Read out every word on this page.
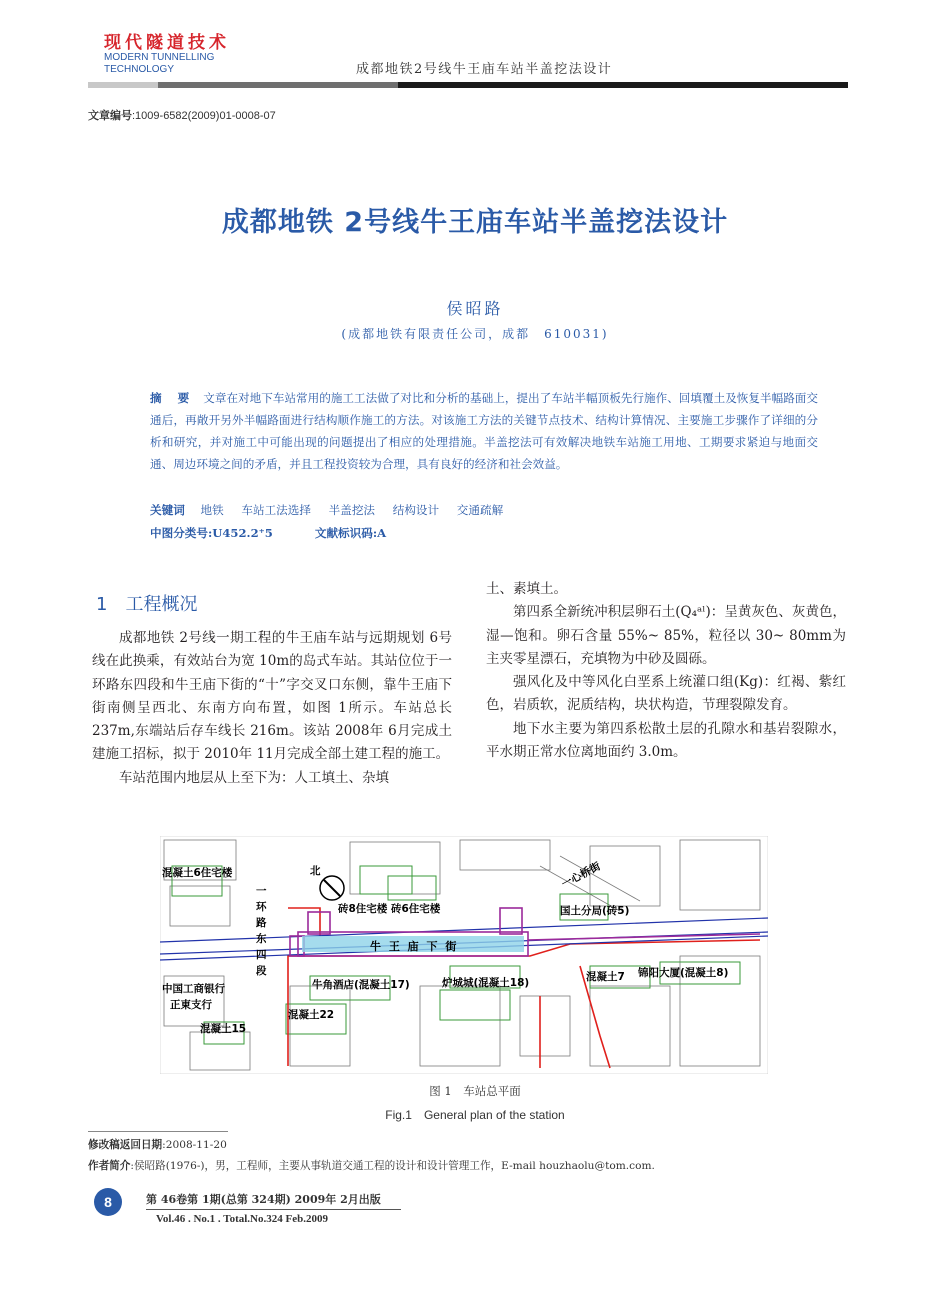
现代隧道技术
MODERN TUNNELLING
TECHNOLOGY	成都地铁2号线牛王庙车站半盖挖法设计
文章编号:1009-6582(2009)01-0008-07
成都地铁 2号线牛王庙车站半盖挖法设计
侯昭路
(成都地铁有限责任公司，成都　610031)
摘 要 文章在对地下车站常用的施工工法做了对比和分析的基础上，提出了车站半幅顶板先行施作、回填覆土及恢复半幅路面交通后，再敞开另外半幅路面进行结构顺作施工的方法。对该施工方法的关键节点技术、结构计算情况、主要施工步骤作了详细的分析和研究，并对施工中可能出现的问题提出了相应的处理措施。半盖挖法可有效解决地铁车站施工用地、工期要求紧迫与地面交通、周边环境之间的矛盾，并且工程投资较为合理，具有良好的经济和社会效益。
关键词 地铁 车站工法选择 半盖挖法 结构设计 交通疏解
中图分类号:U452.2⁺5	文献标识码:A
1　工程概况

成都地铁 2号线一期工程的牛王庙车站与远期规划 6号线在此换乘，有效站台为宽 10m的岛式车站。其站位位于一环路东四段和牛王庙下街的“十”字交叉口东侧，靠牛王庙下街南侧呈西北、东南方向布置，如图 1所示。车站总长 237m,东端站后存车线长 216m。该站 2008年 6月完成土建施工招标，拟于 2010年 11月完成全部土建工程的施工。

车站范围内地层从上至下为：人工填土、杂填

土、素填土。

第四系全新统冲积层卵石土(Q₄ᵃˡ)：呈黄灰色、灰黄色，湿—饱和。卵石含量 55%~ 85%，粒径以 30~ 80mm为主夹零星漂石，充填物为中砂及圆砾。

强风化及中等风化白垩系上统灌口组(Kg)：红褐、紫红色，岩质软，泥质结构，块状构造，节理裂隙发育。

地下水主要为第四系松散土层的孔隙水和基岩裂隙水，平水期正常水位离地面约 3.0m。

混凝土6住宅楼
一
环
路
东
四
段
北
砖8住宅楼 砖6住宅楼
一心桥街
国土分局(砖5)
牛 王 庙 下 街
中国工商银行
正東支行
牛角酒店(混凝土17)
混凝土15
混凝土22
炉城城(混凝土18)	混凝土7 锦阳大厦(混凝土8)
图 1　车站总平面
Fig.1　General plan of the station
修改稿返回日期:2008-11-20
作者简介:侯昭路(1976-)，男，工程师，主要从事轨道交通工程的设计和设计管理工作，E-mail houzhaolu@tom.com.
8	第 46卷第 1期(总第 324期) 2009年 2月出版
Vol.46 . No.1 . Total.No.324 Feb.2009
